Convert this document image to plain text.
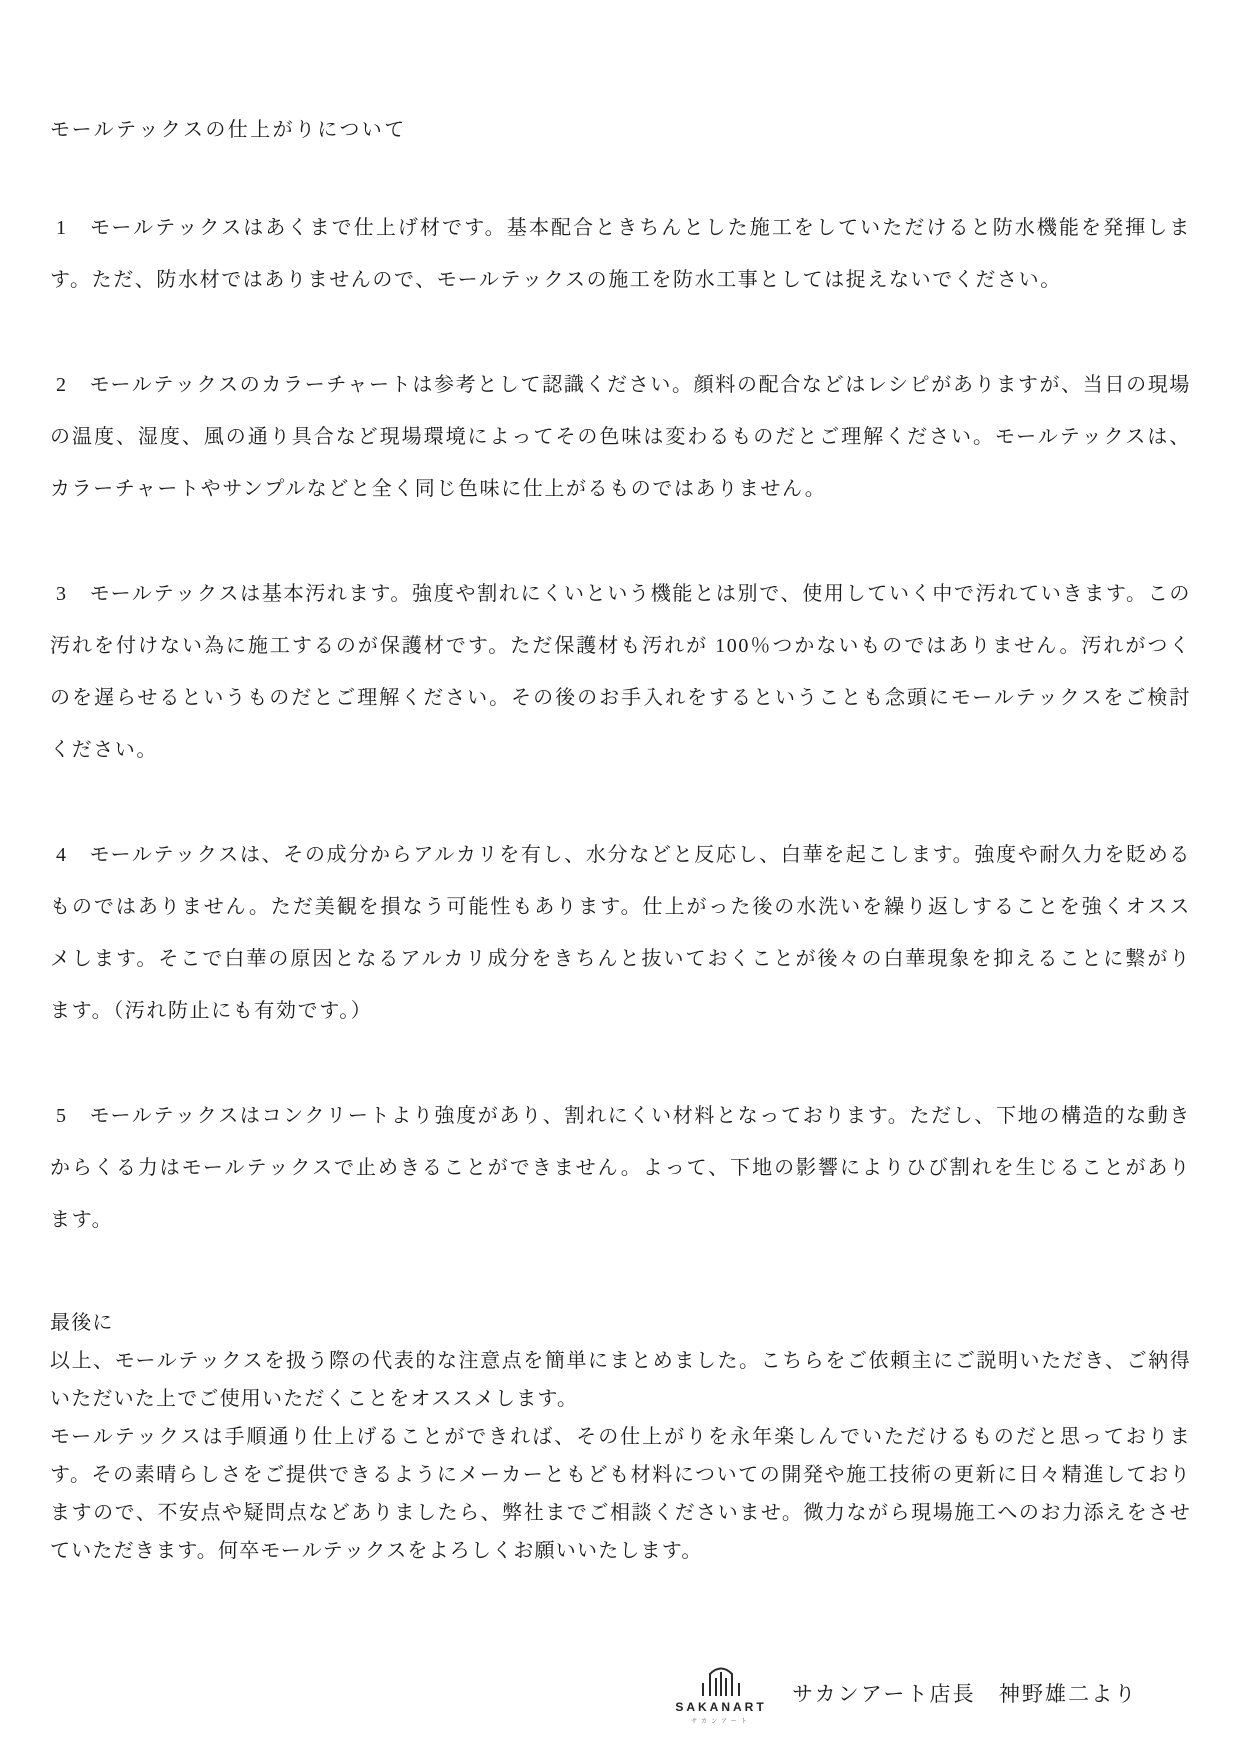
モールテックスの仕上がりについて

1 モールテックスはあくまで仕上げ材です。基本配合ときちんとした施工をしていただけると防水機能を発揮します。ただ、防水材ではありませんので、モールテックスの施工を防水工事としては捉えないでください。

2 モールテックスのカラーチャートは参考として認識ください。顔料の配合などはレシピがありますが、当日の現場の温度、湿度、風の通り具合など現場環境によってその色味は変わるものだとご理解ください。モールテックスは、カラーチャートやサンプルなどと全く同じ色味に仕上がるものではありません。

3 モールテックスは基本汚れます。強度や割れにくいという機能とは別で、使用していく中で汚れていきます。この汚れを付けない為に施工するのが保護材です。ただ保護材も汚れが 100％つかないものではありません。汚れがつくのを遅らせるというものだとご理解ください。その後のお手入れをするということも念頭にモールテックスをご検討ください。

4 モールテックスは、その成分からアルカリを有し、水分などと反応し、白華を起こします。強度や耐久力を貶めるものではありません。ただ美観を損なう可能性もあります。仕上がった後の水洗いを繰り返しすることを強くオススメします。そこで白華の原因となるアルカリ成分をきちんと抜いておくことが後々の白華現象を抑えることに繋がります。（汚れ防止にも有効です。）

5 モールテックスはコンクリートより強度があり、割れにくい材料となっております。ただし、下地の構造的な動きからくる力はモールテックスで止めきることができません。よって、下地の影響によりひび割れを生じることがあります。

最後に

以上、モールテックスを扱う際の代表的な注意点を簡単にまとめました。こちらをご依頼主にご説明いただき、ご納得いただいた上でご使用いただくことをオススメします。

モールテックスは手順通り仕上げることができれば、その仕上がりを永年楽しんでいただけるものだと思っております。その素晴らしさをご提供できるようにメーカーともども材料についての開発や施工技術の更新に日々精進しておりますので、不安点や疑問点などありましたら、弊社までご相談くださいませ。微力ながら現場施工へのお力添えをさせていただきます。何卒モールテックスをよろしくお願いいたします。

SAKANART
サカンアート
サカンアート店長　神野雄二より
